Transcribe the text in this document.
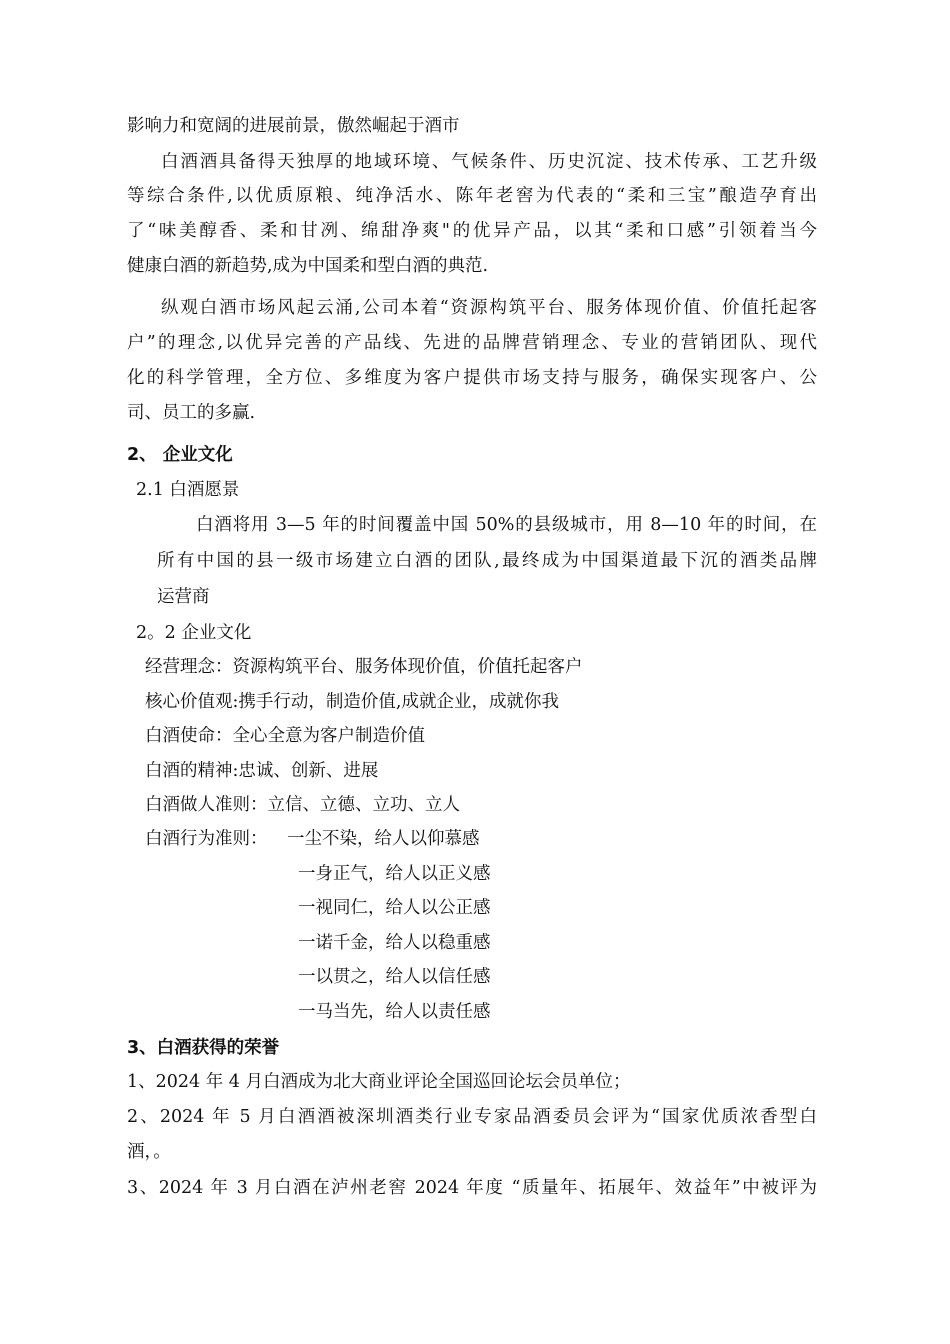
影响力和宽阔的进展前景，傲然崛起于酒市
白酒酒具备得天独厚的地域环境、气候条件、历史沉淀、技术传承、工艺升级
等综合条件,以优质原粮、纯净活水、陈年老窖为代表的“柔和三宝”酿造孕育出
了“味美醇香、柔和甘冽、绵甜净爽"的优异产品，以其“柔和口感”引领着当今
健康白酒的新趋势,成为中国柔和型白酒的典范.
纵观白酒市场风起云涌,公司本着“资源构筑平台、服务体现价值、价值托起客
户”的理念,以优异完善的产品线、先进的品牌营销理念、专业的营销团队、现代
化的科学管理，全方位、多维度为客户提供市场支持与服务，确保实现客户、公
司、员工的多赢.
2、 企业文化
2.1 白酒愿景
白酒将用 3—5 年的时间覆盖中国 50%的县级城市，用 8—10 年的时间，在
所有中国的县一级市场建立白酒的团队,最终成为中国渠道最下沉的酒类品牌
运营商
2。2 企业文化
经营理念：资源构筑平台、服务体现价值，价值托起客户
核心价值观:携手行动，制造价值,成就企业，成就你我
白酒使命：全心全意为客户制造价值
白酒的精神:忠诚、创新、进展
白酒做人准则：立信、立德、立功、立人
白酒行为准则：	一尘不染，给人以仰慕感
一身正气，给人以正义感
一视同仁，给人以公正感
一诺千金，给人以稳重感
一以贯之，给人以信任感
一马当先，给人以责任感
3、白酒获得的荣誉
1、2024 年 4 月白酒成为北大商业评论全国巡回论坛会员单位；
2、2024 年 5 月白酒酒被深圳酒类行业专家品酒委员会评为“国家优质浓香型白
酒，。
3、2024 年 3 月白酒在泸州老窖 2024 年度 “质量年、拓展年、效益年”中被评为
